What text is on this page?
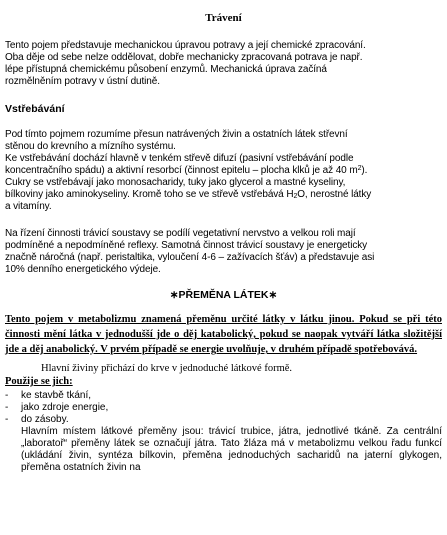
Trávení

Tento pojem představuje mechanickou úpravou potravy a její chemické zpracování.

Oba děje od sebe nelze oddělovat, dobře mechanicky zpracovaná potrava je např.

lépe přístupná chemickému působení enzymů. Mechanická úprava začíná

rozmělněním potravy v ústní dutině.

Vstřebávání

Pod tímto pojmem rozumíme přesun natrávených živin a ostatních látek střevní

stěnou do krevního a mízního systému.

Ke vstřebávání dochází hlavně v tenkém střevě difuzí (pasivní vstřebávání podle

koncentračního spádu) a aktivní resorbcí (činnost epitelu – plocha klků je až 40 $m^2$).

Cukry se vstřebávají jako monosacharidy, tuky jako glycerol a mastné kyseliny,

bílkoviny jako aminokyseliny. Kromě toho se ve střevě vstřebává H2O, nerostné látky

a vitamíny.

Na řízení činnosti trávicí soustavy se podílí vegetativní nervstvo a velkou roli mají

podmíněné a nepodmíněné reflexy. Samotná činnost trávicí soustavy je energeticky

značně náročná (např. peristaltika, vyloučení 4-6 – zažívacích šťáv) a představuje asi

10% denního energetického výdeje.

∗PŘEMĚNA LÁTEK∗

Tento pojem v metabolizmu znamená přeměnu určité látky v látku jinou. Pokud se při této činnosti mění látka v jednodušší jde o děj katabolický, pokud se naopak vytváří látka složitější jde a děj anabolický. V prvém případě se energie uvolňuje, v druhém případě spotřebovává.

Hlavní živiny přichází do krve v jednoduché látkové formě.

Použije se jich:

- ke stavbě tkání,
- jako zdroje energie,
- do zásoby.

Hlavním místem látkové přeměny jsou: trávicí trubice, játra, jednotlivé tkáně. Za centrální „laboratoř“ přeměny látek se označují játra. Tato žláza má v metabolizmu velkou řadu funkcí (ukládání živin, syntéza bílkovin, přeměna jednoduchých sacharidů na jaterní glykogen, přeměna ostatních živin na
